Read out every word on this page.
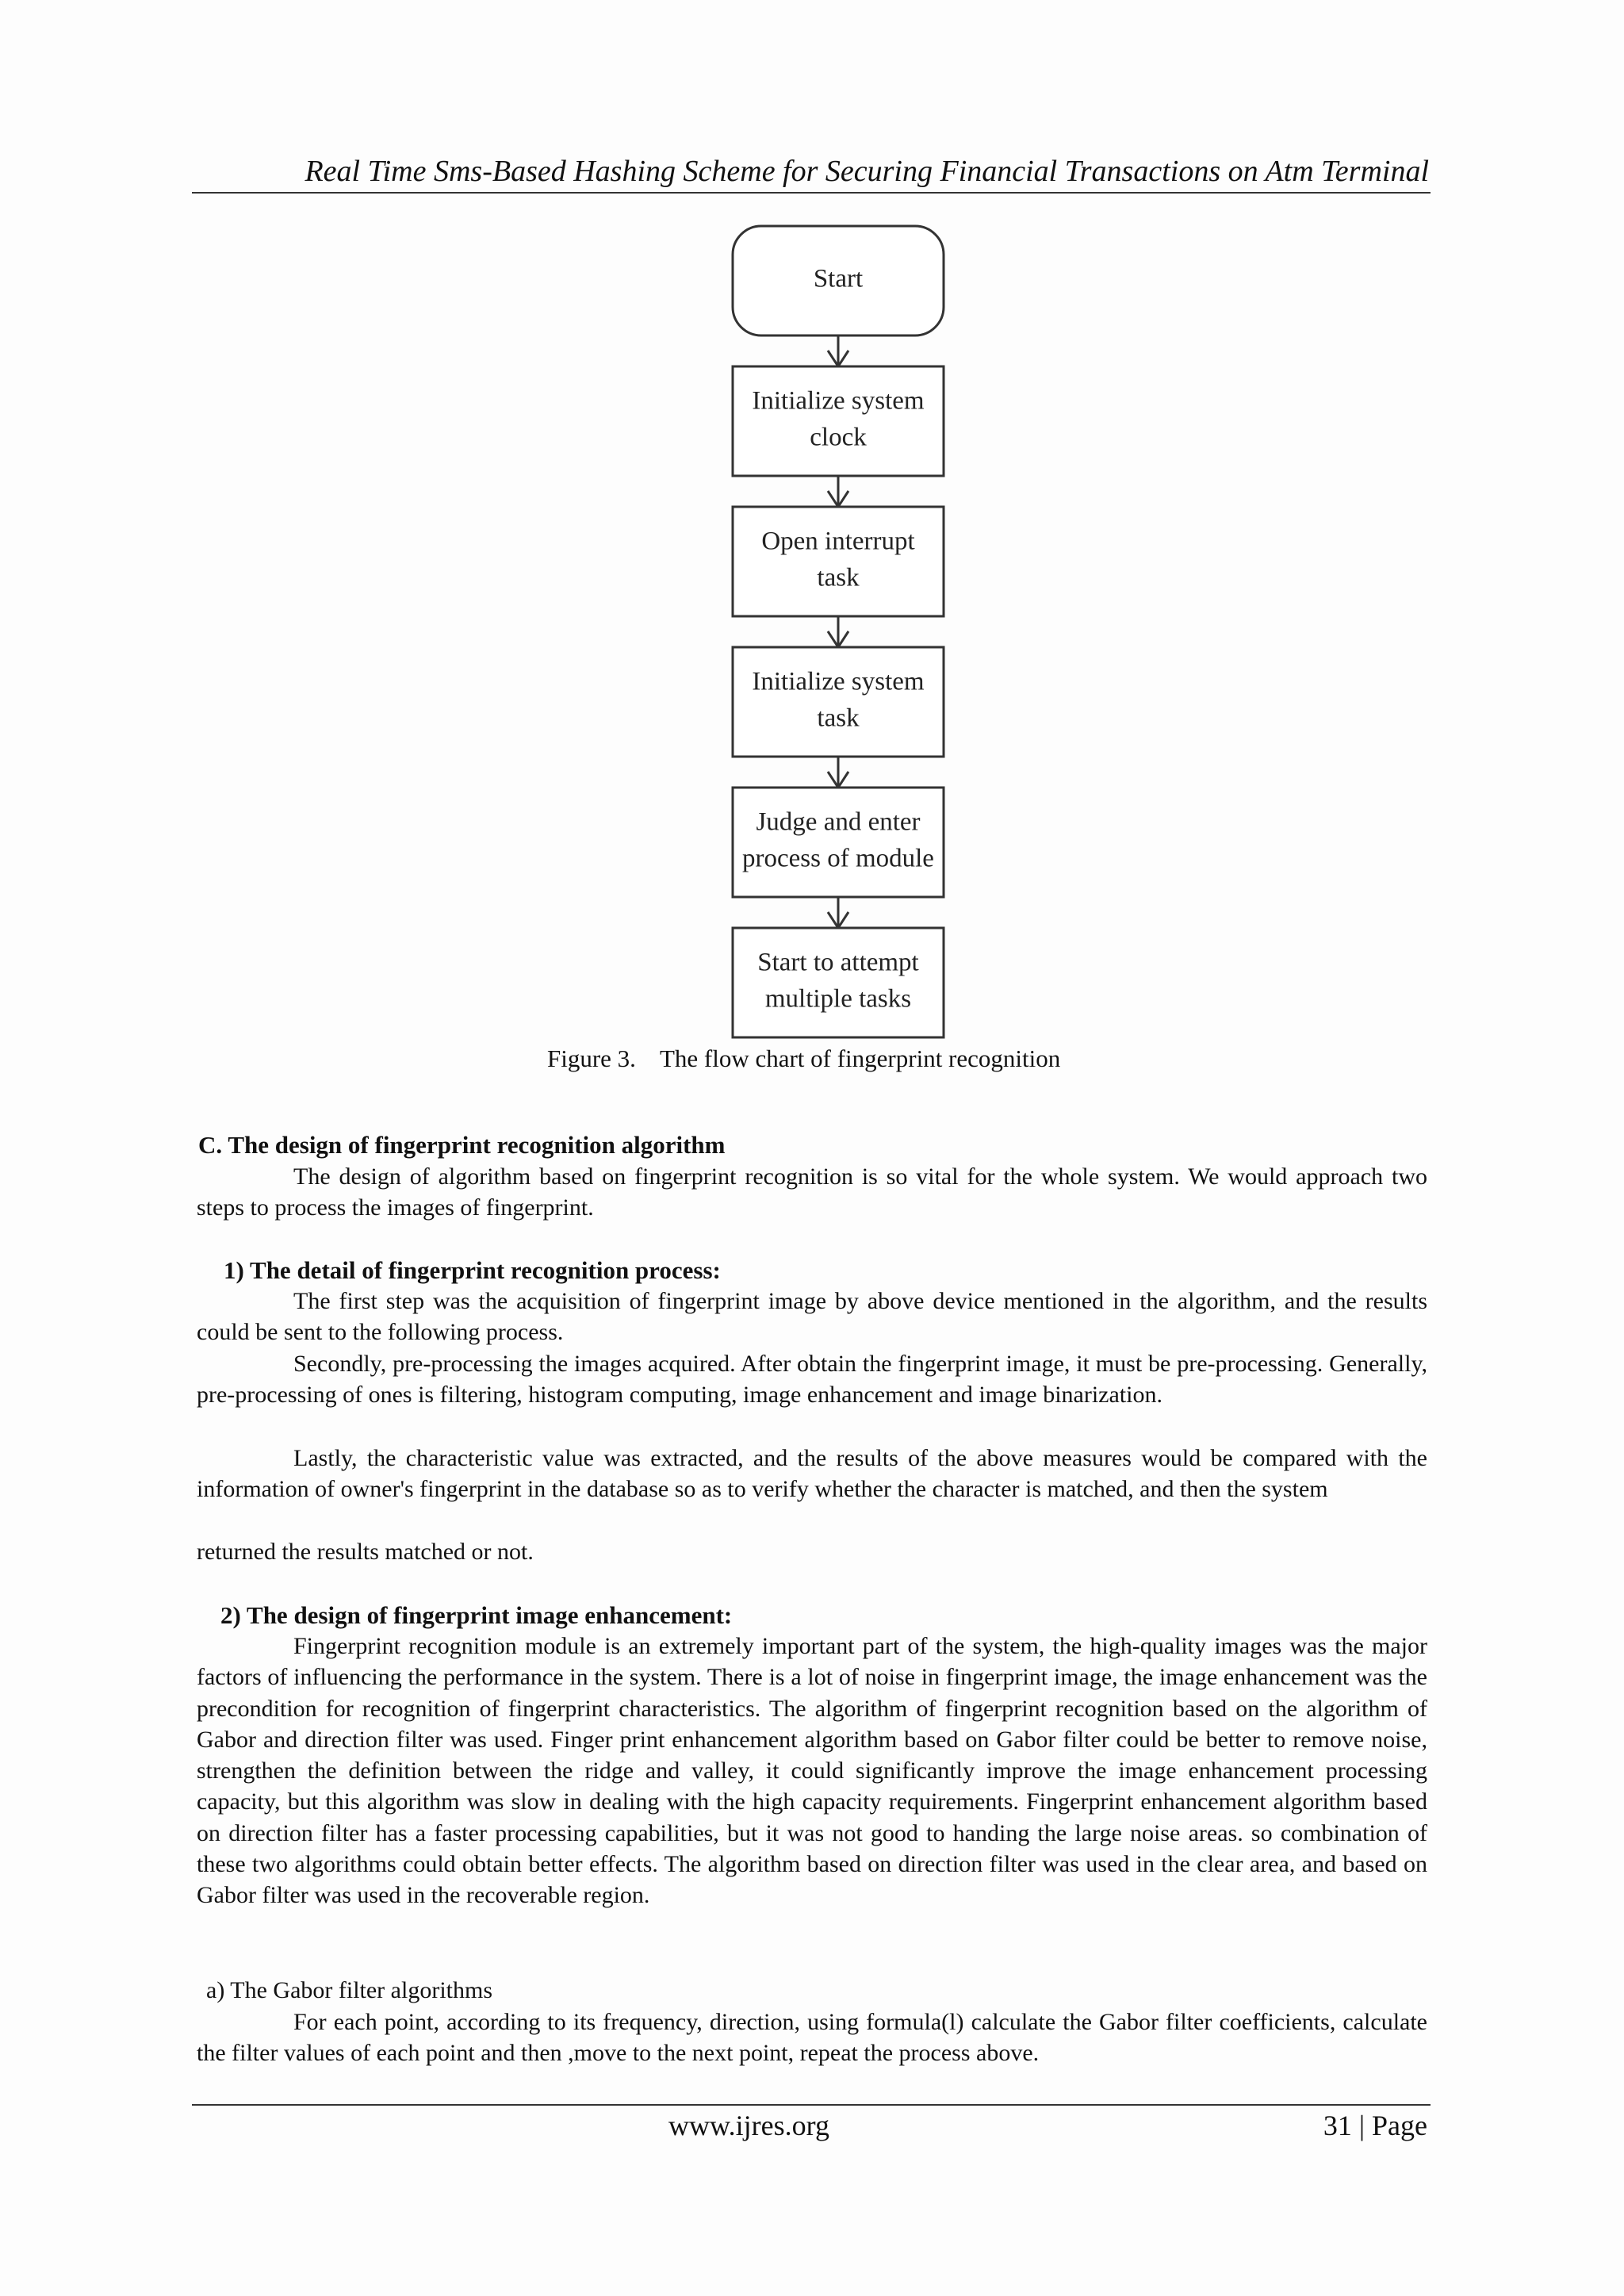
Real Time Sms-Based Hashing Scheme for Securing Financial Transactions on Atm Terminal
Start
Initialize system
clock
Open interrupt
task
Initialize system
task
Judge and enter
process of module
Start to attempt
multiple tasks
Figure 3. The flow chart of fingerprint recognition

C. The design of fingerprint recognition algorithm

The design of algorithm based on fingerprint recognition is so vital for the whole system. We would approach two steps to process the images of fingerprint.

1) The detail of fingerprint recognition process:

The first step was the acquisition of fingerprint image by above device mentioned in the algorithm, and the results could be sent to the following process.

Secondly, pre-processing the images acquired. After obtain the fingerprint image, it must be pre-processing. Generally, pre-processing of ones is filtering, histogram computing, image enhancement and image binarization.

Lastly, the characteristic value was extracted, and the results of the above measures would be compared with the information of owner's fingerprint in the database so as to verify whether the character is matched, and then the system

returned the results matched or not.

2) The design of fingerprint image enhancement:

Fingerprint recognition module is an extremely important part of the system, the high-quality images was the major factors of influencing the performance in the system. There is a lot of noise in fingerprint image, the image enhancement was the precondition for recognition of fingerprint characteristics. The algorithm of fingerprint recognition based on the algorithm of Gabor and direction filter was used. Finger print enhancement algorithm based on Gabor filter could be better to remove noise, strengthen the definition between the ridge and valley, it could significantly improve the image enhancement processing capacity, but this algorithm was slow in dealing with the high capacity requirements. Fingerprint enhancement algorithm based on direction filter has a faster processing capabilities, but it was not good to handing the large noise areas. so combination of these two algorithms could obtain better effects. The algorithm based on direction filter was used in the clear area, and based on Gabor filter was used in the recoverable region.

a) The Gabor filter algorithms

For each point, according to its frequency, direction, using formula(l) calculate the Gabor filter coefficients, calculate the filter values of each point and then ,move to the next point, repeat the process above.

www.ijres.org	31 | Page
